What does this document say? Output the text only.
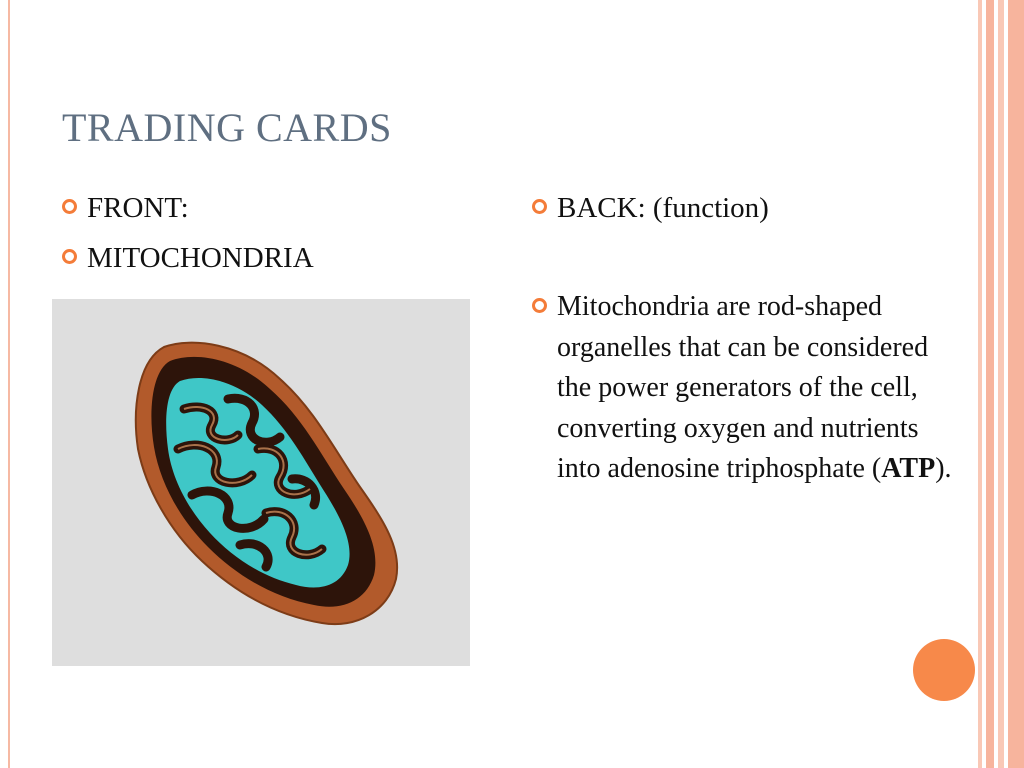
TRADING CARDS
FRONT:
MITOCHONDRIA
BACK: (function)
Mitochondria are rod-shaped organelles that can be considered the power generators of the cell, converting oxygen and nutrients into adenosine triphosphate (ATP).
